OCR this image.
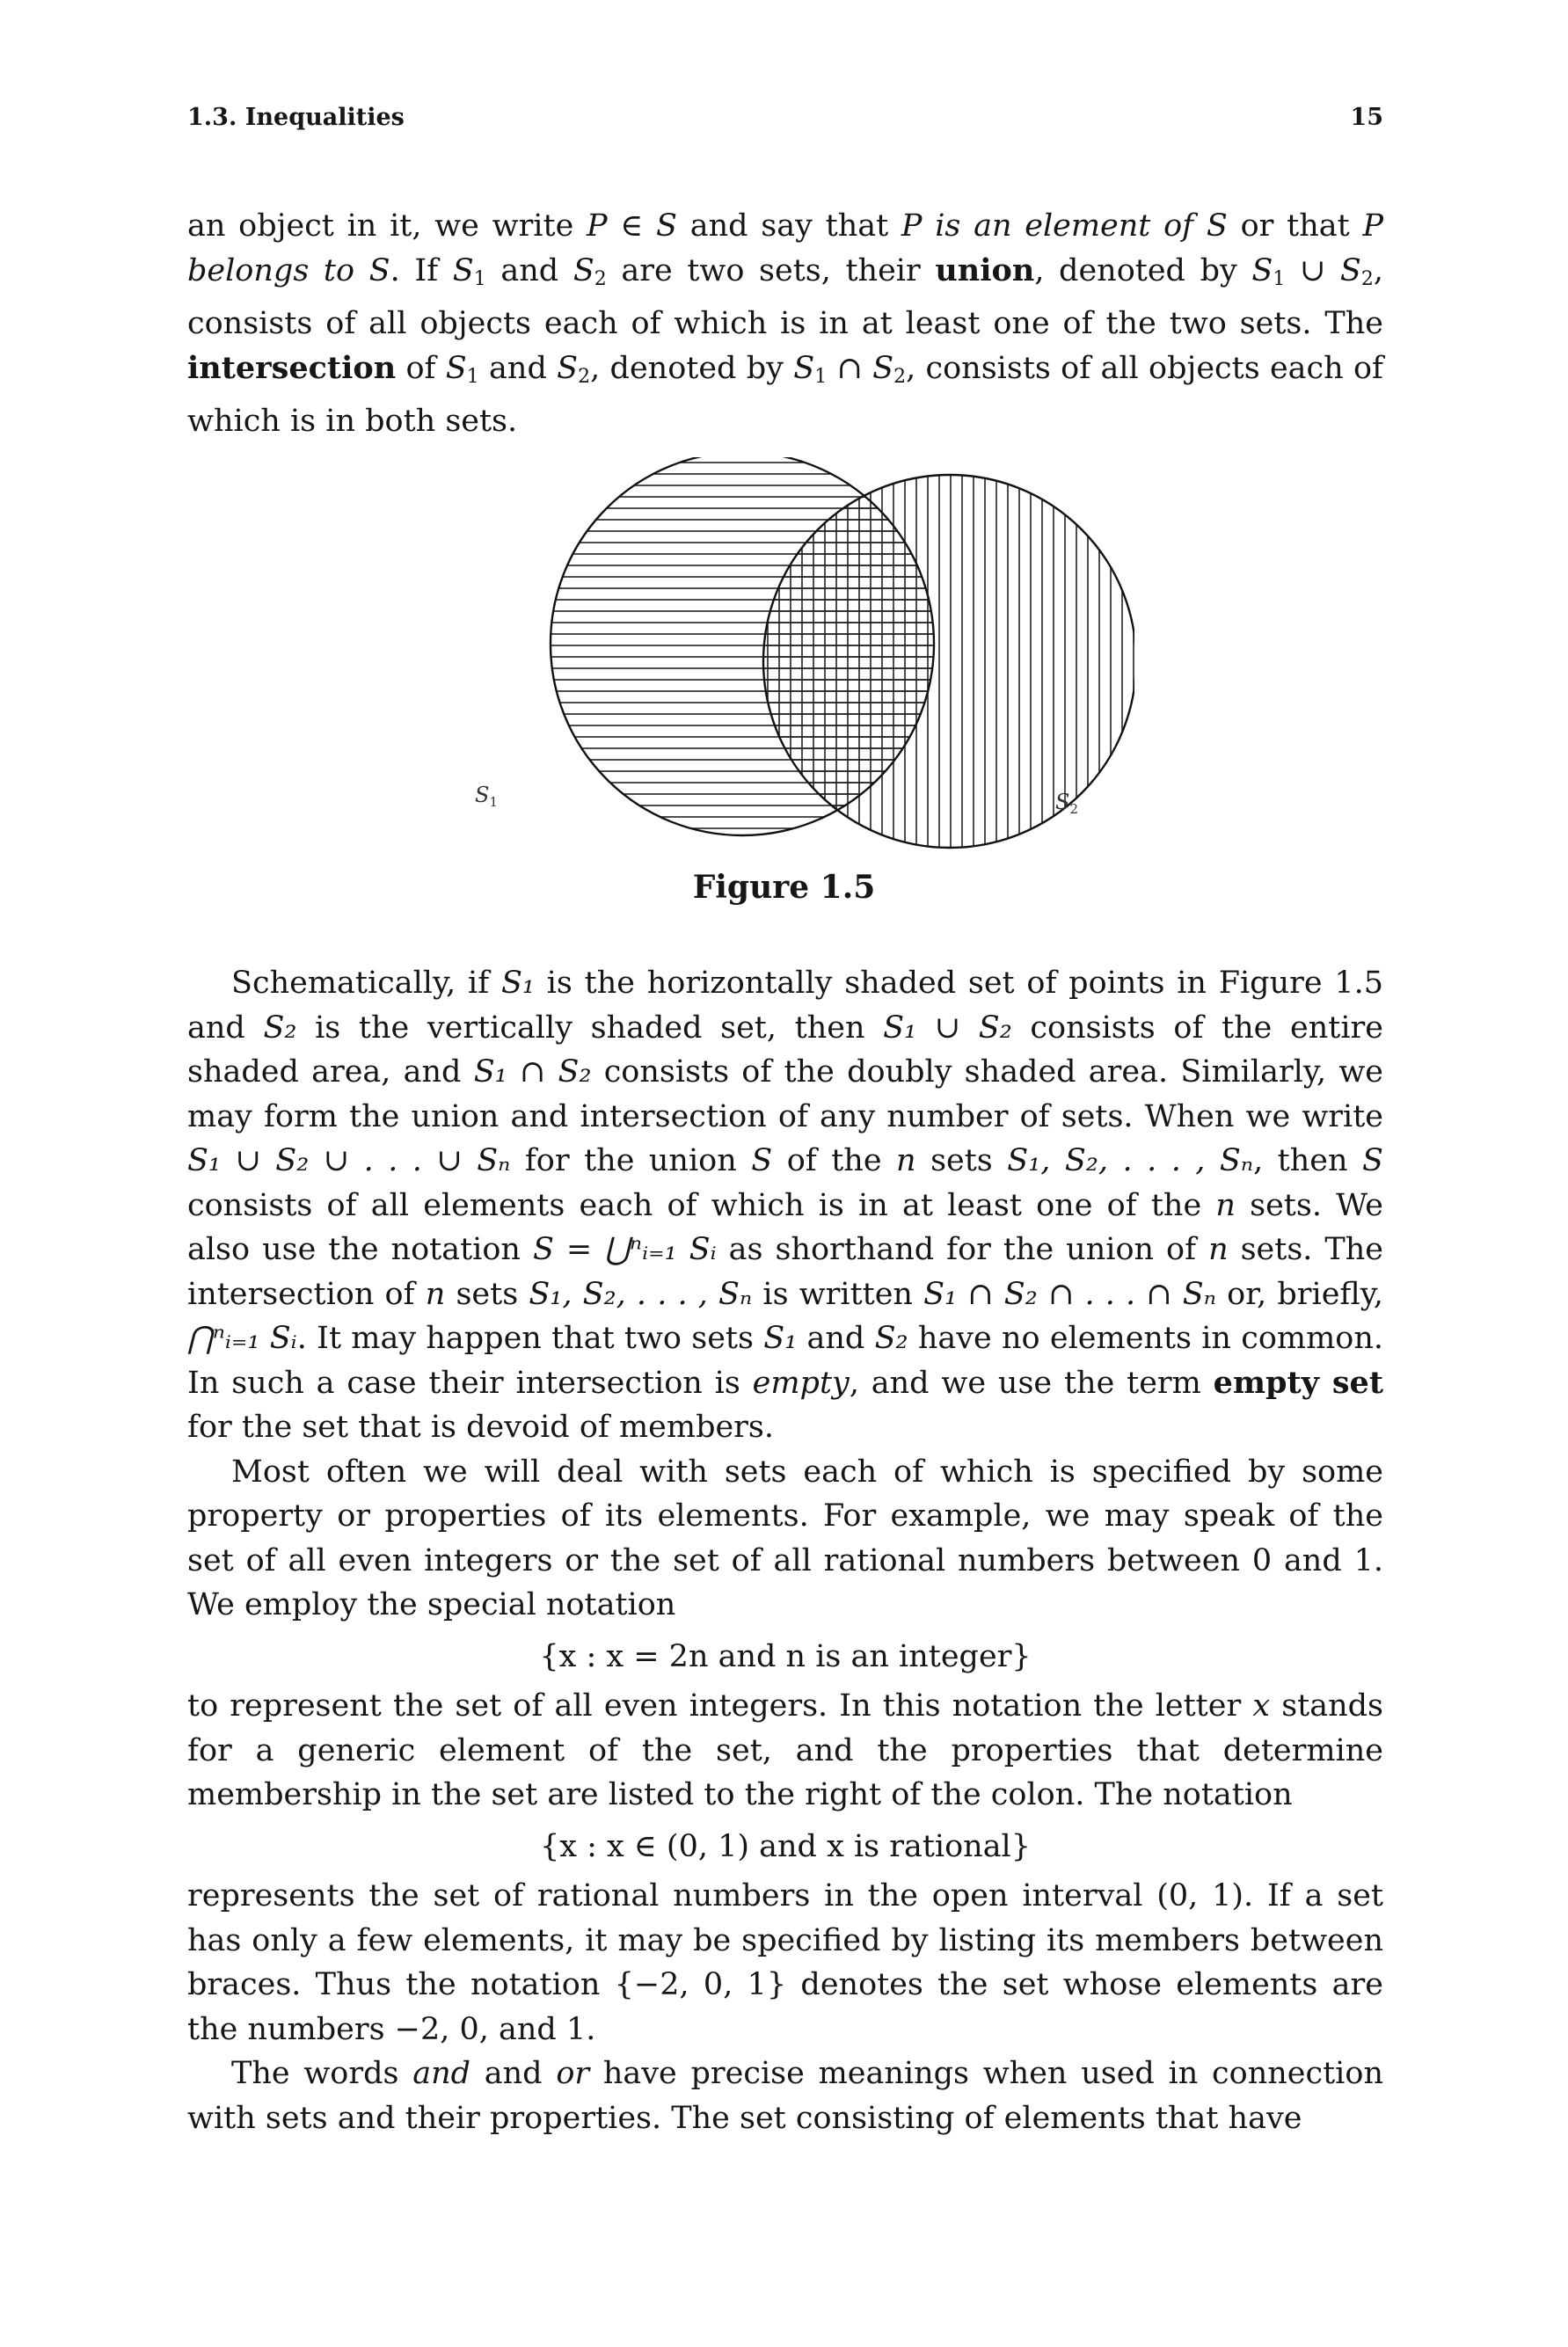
1.3. Inequalities	15

an object in it, we write P ∈ S and say that P is an element of S or that P belongs to S. If S1 and S2 are two sets, their union, denoted by S1 ∪ S2, consists of all objects each of which is in at least one of the two sets. The intersection of S1 and S2, denoted by S1 ∩ S2, consists of all objects each of which is in both sets.

$S_1$	$S_2$
Figure 1.5

Schematically, if S₁ is the horizontally shaded set of points in Figure 1.5 and S₂ is the vertically shaded set, then S₁ ∪ S₂ consists of the entire shaded area, and S₁ ∩ S₂ consists of the doubly shaded area. Similarly, we may form the union and intersection of any number of sets. When we write S₁ ∪ S₂ ∪ . . . ∪ Sₙ for the union S of the n sets S₁, S₂, . . . , Sₙ, then S consists of all elements each of which is in at least one of the n sets. We also use the notation S = ⋃ⁿᵢ₌₁ Sᵢ as shorthand for the union of n sets. The intersection of n sets S₁, S₂, . . . , Sₙ is written S₁ ∩ S₂ ∩ . . . ∩ Sₙ or, briefly, ⋂ⁿᵢ₌₁ Sᵢ. It may happen that two sets S₁ and S₂ have no elements in common. In such a case their intersection is empty, and we use the term empty set for the set that is devoid of members.

Most often we will deal with sets each of which is specified by some property or properties of its elements. For example, we may speak of the set of all even integers or the set of all rational numbers between 0 and 1. We employ the special notation

{x : x = 2n and n is an integer}

to represent the set of all even integers. In this notation the letter x stands for a generic element of the set, and the properties that determine membership in the set are listed to the right of the colon. The notation

{x : x ∈ (0, 1) and x is rational}

represents the set of rational numbers in the open interval (0, 1). If a set has only a few elements, it may be specified by listing its members between braces. Thus the notation {−2, 0, 1} denotes the set whose elements are the numbers −2, 0, and 1.

The words and and or have precise meanings when used in connection with sets and their properties. The set consisting of elements that have
